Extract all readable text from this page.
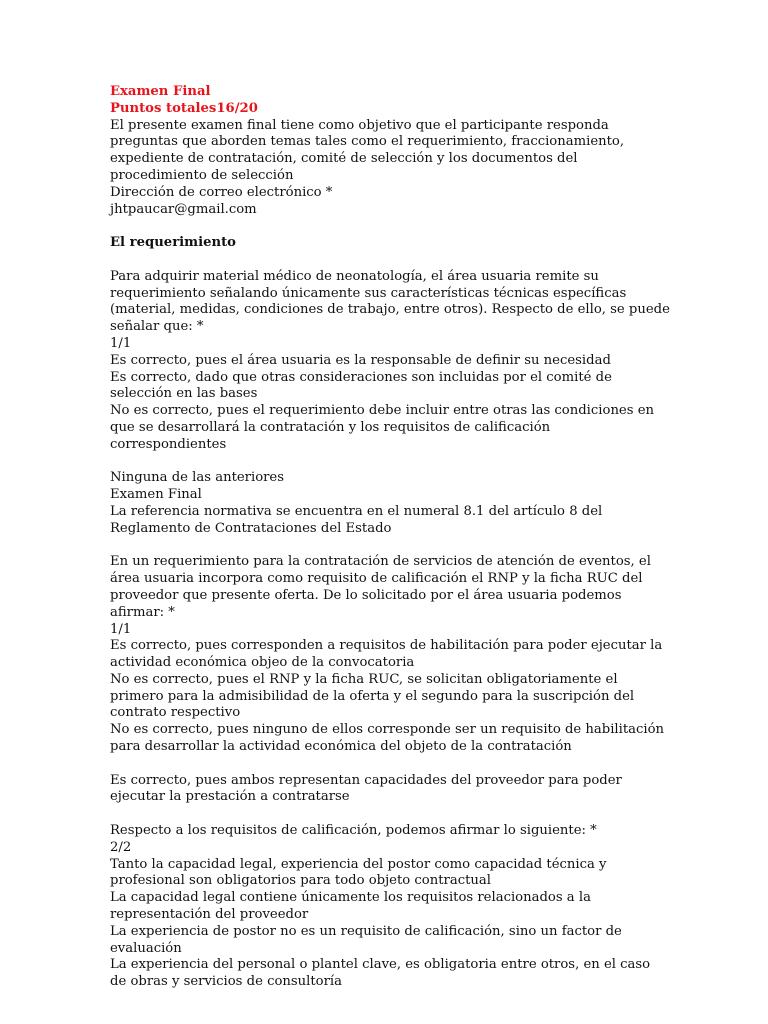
Examen Final

Puntos totales16/20

El presente examen final tiene como objetivo que el participante responda preguntas que aborden temas tales como el requerimiento, fraccionamiento, expediente de contratación, comité de selección y los documentos del procedimiento de selección

Dirección de correo electrónico *

jhtpaucar@gmail.com

El requerimiento

Para adquirir material médico de neonatología, el área usuaria remite su requerimiento señalando únicamente sus características técnicas específicas (material, medidas, condiciones de trabajo, entre otros). Respecto de ello, se puede señalar que: *

1/1

Es correcto, pues el área usuaria es la responsable de definir su necesidad

Es correcto, dado que otras consideraciones son incluidas por el comité de selección en las bases

No es correcto, pues el requerimiento debe incluir entre otras las condiciones en que se desarrollará la contratación y los requisitos de calificación correspondientes

Ninguna de las anteriores

Examen Final

La referencia normativa se encuentra en el numeral 8.1 del artículo 8 del Reglamento de Contrataciones del Estado

En un requerimiento para la contratación de servicios de atención de eventos, el área usuaria incorpora como requisito de calificación el RNP y la ficha RUC del proveedor que presente oferta. De lo solicitado por el área usuaria podemos afirmar: *

1/1

Es correcto, pues corresponden a requisitos de habilitación para poder ejecutar la actividad económica objeo de la convocatoria

No es correcto, pues el RNP y la ficha RUC, se solicitan obligatoriamente el primero para la admisibilidad de la oferta y el segundo para la suscripción del contrato respectivo

No es correcto, pues ninguno de ellos corresponde ser un requisito de habilitación para desarrollar la actividad económica del objeto de la contratación

Es correcto, pues ambos representan capacidades del proveedor para poder ejecutar la prestación a contratarse

Respecto a los requisitos de calificación, podemos afirmar lo siguiente: *

2/2

Tanto la capacidad legal, experiencia del postor como capacidad técnica y profesional son obligatorios para todo objeto contractual

La capacidad legal contiene únicamente los requisitos relacionados a la representación del proveedor

La experiencia de postor no es un requisito de calificación, sino un factor de evaluación

La experiencia del personal o plantel clave, es obligatoria entre otros, en el caso de obras y servicios de consultoría
